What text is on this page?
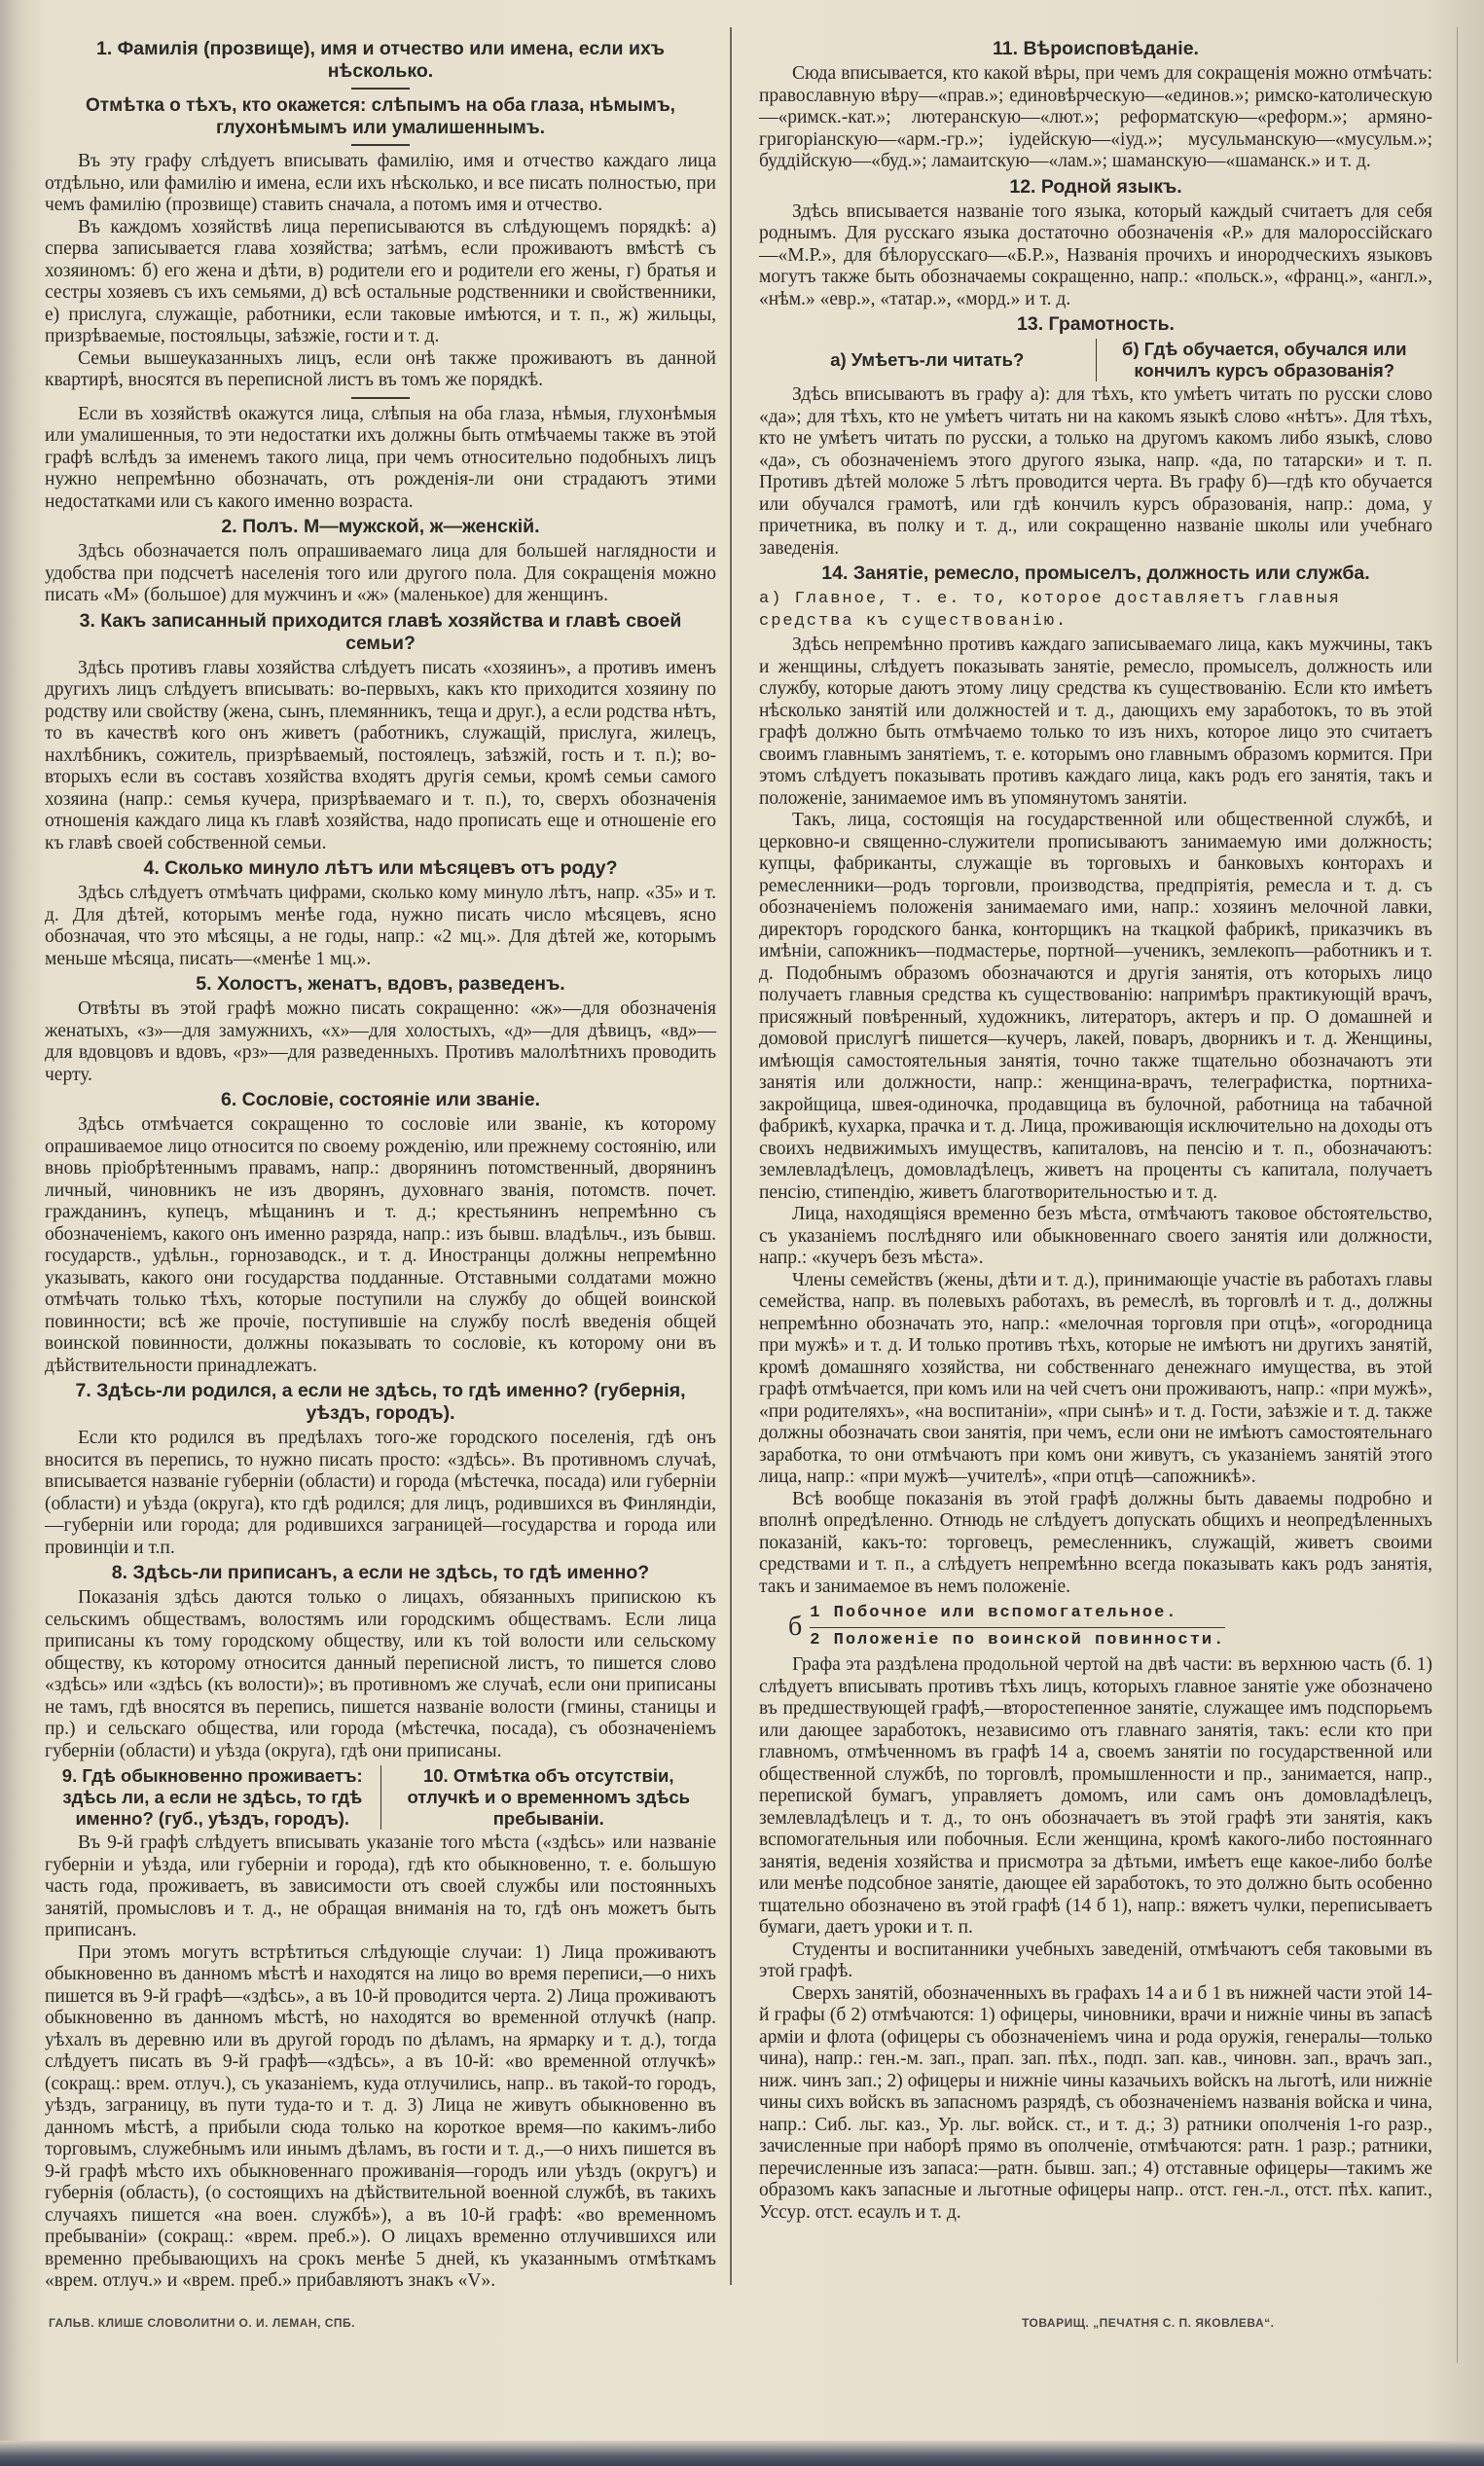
1. Фамилія (прозвище), имя и отчество или имена, если ихъ нѣсколько.
Отмѣтка о тѣхъ, кто окажется: слѣпымъ на оба глаза, нѣмымъ, глухонѣмымъ или умалишеннымъ.

Въ эту графу слѣдуетъ вписывать фамилію, имя и отчество каждаго лица отдѣльно, или фамилію и имена, если ихъ нѣсколько, и все писать полностью, при чемъ фамилію (прозвище) ставить сначала, а потомъ имя и отчество.

Въ каждомъ хозяйствѣ лица переписываются въ слѣдующемъ порядкѣ: а) сперва записывается глава хозяйства; затѣмъ, если проживаютъ вмѣстѣ съ хозяиномъ: б) его жена и дѣти, в) родители его и родители его жены, г) братья и сестры хозяевъ съ ихъ семьями, д) всѣ остальные родственники и свойственники, е) прислуга, служащіе, работники, если таковые имѣются, и т. п., ж) жильцы, призрѣваемые, постояльцы, заѣзжіе, гости и т. д.

Семьи вышеуказанныхъ лицъ, если онѣ также проживаютъ въ данной квартирѣ, вносятся въ переписной листъ въ томъ же порядкѣ.

Если въ хозяйствѣ окажутся лица, слѣпыя на оба глаза, нѣмыя, глухонѣмыя или умалишенныя, то эти недостатки ихъ должны быть отмѣчаемы также въ этой графѣ вслѣдъ за именемъ такого лица, при чемъ относительно подобныхъ лицъ нужно непремѣнно обозначать, отъ рожденія-ли они страдаютъ этими недостатками или съ какого именно возраста.

2. Полъ. М—мужской, ж—женскій.

Здѣсь обозначается полъ опрашиваемаго лица для большей наглядности и удобства при подсчетѣ населенія того или другого пола. Для сокращенія можно писать «М» (большое) для мужчинъ и «ж» (маленькое) для женщинъ.

3. Какъ записанный приходится главѣ хозяйства и главѣ своей семьи?

Здѣсь противъ главы хозяйства слѣдуетъ писать «хозяинъ», а противъ именъ другихъ лицъ слѣдуетъ вписывать: во-первыхъ, какъ кто приходится хозяину по родству или свойству (жена, сынъ, племянникъ, теща и друг.), а если родства нѣтъ, то въ качествѣ кого онъ живетъ (работникъ, служащій, прислуга, жилецъ, нахлѣбникъ, сожитель, призрѣваемый, постоялецъ, заѣзжій, гость и т. п.); во-вторыхъ если въ составъ хозяйства входятъ другія семьи, кромѣ семьи самого хозяина (напр.: семья кучера, призрѣваемаго и т. п.), то, сверхъ обозначенія отношенія каждаго лица къ главѣ хозяйства, надо прописать еще и отношеніе его къ главѣ своей собственной семьи.

4. Сколько минуло лѣтъ или мѣсяцевъ отъ роду?

Здѣсь слѣдуетъ отмѣчать цифрами, сколько кому минуло лѣтъ, напр. «35» и т. д. Для дѣтей, которымъ менѣе года, нужно писать число мѣсяцевъ, ясно обозначая, что это мѣсяцы, а не годы, напр.: «2 мц.». Для дѣтей же, которымъ меньше мѣсяца, писать—«менѣе 1 мц.».

5. Холостъ, женатъ, вдовъ, разведенъ.

Отвѣты въ этой графѣ можно писать сокращенно: «ж»—для обозначенія женатыхъ, «з»—для замужнихъ, «х»—для холостыхъ, «д»—для дѣвицъ, «вд»—для вдовцовъ и вдовъ, «рз»—для разведенныхъ. Противъ малолѣтнихъ проводить черту.

6. Сословіе, состояніе или званіе.

Здѣсь отмѣчается сокращенно то сословіе или званіе, къ которому опрашиваемое лицо относится по своему рожденію, или прежнему состоянію, или вновь пріобрѣтеннымъ правамъ, напр.: дворянинъ потомственный, дворянинъ личный, чиновникъ не изъ дворянъ, духовнаго званія, потомств. почет. гражданинъ, купецъ, мѣщанинъ и т. д.; крестьянинъ непремѣнно съ обозначеніемъ, какого онъ именно разряда, напр.: изъ бывш. владѣльч., изъ бывш. государств., удѣльн., горнозаводск., и т. д. Иностранцы должны непремѣнно указывать, какого они государства подданные. Отставными солдатами можно отмѣчать только тѣхъ, которые поступили на службу до общей воинской повинности; всѣ же прочіе, поступившіе на службу послѣ введенія общей воинской повинности, должны показывать то сословіе, къ которому они въ дѣйствительности принадлежатъ.

7. Здѣсь-ли родился, а если не здѣсь, то гдѣ именно? (губернія, уѣздъ, городъ).

Если кто родился въ предѣлахъ того-же городского поселенія, гдѣ онъ вносится въ перепись, то нужно писать просто: «здѣсь». Въ противномъ случаѣ, вписывается названіе губерніи (области) и города (мѣстечка, посада) или губерніи (области) и уѣзда (округа), кто гдѣ родился; для лицъ, родившихся въ Финляндіи,—губерніи или города; для родившихся заграницей—государства и города или провинціи и т.п.

8. Здѣсь-ли приписанъ, а если не здѣсь, то гдѣ именно?

Показанія здѣсь даются только о лицахъ, обязанныхъ припискою къ сельскимъ обществамъ, волостямъ или городскимъ обществамъ. Если лица приписаны къ тому городскому обществу, или къ той волости или сельскому обществу, къ которому относится данный переписной листъ, то пишется слово «здѣсь» или «здѣсь (къ волости)»; въ противномъ же случаѣ, если они приписаны не тамъ, гдѣ вносятся въ перепись, пишется названіе волости (гмины, станицы и пр.) и сельскаго общества, или города (мѣстечка, посада), съ обозначеніемъ губерніи (области) и уѣзда (округа), гдѣ они приписаны.

9. Гдѣ обыкновенно проживаетъ: здѣсь ли, а если не здѣсь, то гдѣ именно? (губ., уѣздъ, городъ).
10. Отмѣтка объ отсутствіи, отлучкѣ и о временномъ здѣсь пребываніи.

Въ 9-й графѣ слѣдуетъ вписывать указаніе того мѣста («здѣсь» или названіе губерніи и уѣзда, или губерніи и города), гдѣ кто обыкновенно, т. е. большую часть года, проживаетъ, въ зависимости отъ своей службы или постоянныхъ занятій, промысловъ и т. д., не обращая вниманія на то, гдѣ онъ можетъ быть приписанъ.

При этомъ могутъ встрѣтиться слѣдующіе случаи: 1) Лица проживаютъ обыкновенно въ данномъ мѣстѣ и находятся на лицо во время переписи,—о нихъ пишется въ 9-й графѣ—«здѣсь», а въ 10-й проводится черта. 2) Лица проживаютъ обыкновенно въ данномъ мѣстѣ, но находятся во временной отлучкѣ (напр. уѣхалъ въ деревню или въ другой городъ по дѣламъ, на ярмарку и т. д.), тогда слѣдуетъ писать въ 9-й графѣ—«здѣсь», а въ 10-й: «во временной отлучкѣ» (сокращ.: врем. отлуч.), съ указаніемъ, куда отлучились, напр.. въ такой-то городъ, уѣздъ, заграницу, въ пути туда-то и т. д. 3) Лица не живутъ обыкновенно въ данномъ мѣстѣ, а прибыли сюда только на короткое время—по какимъ-либо торговымъ, служебнымъ или инымъ дѣламъ, въ гости и т. д.,—о нихъ пишется въ 9-й графѣ мѣсто ихъ обыкновеннаго проживанія—городъ или уѣздъ (округъ) и губернія (область), (о состоящихъ на дѣйствительной военной службѣ, въ такихъ случаяхъ пишется «на воен. службѣ»), а въ 10-й графѣ: «во временномъ пребываніи» (сокращ.: «врем. преб.»). О лицахъ временно отлучившихся или временно пребывающихъ на срокъ менѣе 5 дней, къ указаннымъ отмѣткамъ «врем. отлуч.» и «врем. преб.» прибавляютъ знакъ «V».

11. Вѣроисповѣданіе.

Сюда вписывается, кто какой вѣры, при чемъ для сокращенія можно отмѣчать: православную вѣру—«прав.»; единовѣрческую—«единов.»; римско-католическую—«римск.-кат.»; лютеранскую—«лют.»; реформатскую—«реформ.»; армяно-григоріанскую—«арм.-гр.»; іудейскую—«іуд.»; мусульманскую—«мусульм.»; буддійскую—«буд.»; ламаитскую—«лам.»; шаманскую—«шаманск.» и т. д.

12. Родной языкъ.

Здѣсь вписывается названіе того языка, который каждый считаетъ для себя роднымъ. Для русскаго языка достаточно обозначенія «Р.» для малороссійскаго—«М.Р.», для бѣлорусскаго—«Б.Р.», Названія прочихъ и инородческихъ языковъ могутъ также быть обозначаемы сокращенно, напр.: «польск.», «франц.», «англ.», «нѣм.» «евр.», «татар.», «морд.» и т. д.

13. Грамотность.
а) Умѣетъ-ли читать?
б) Гдѣ обучается, обучался или кончилъ курсъ образованія?

Здѣсь вписываютъ въ графу а): для тѣхъ, кто умѣетъ читать по русски слово «да»; для тѣхъ, кто не умѣетъ читать ни на какомъ языкѣ слово «нѣтъ». Для тѣхъ, кто не умѣетъ читать по русски, а только на другомъ какомъ либо языкѣ, слово «да», съ обозначеніемъ этого другого языка, напр. «да, по татарски» и т. п. Противъ дѣтей моложе 5 лѣтъ проводится черта. Въ графу б)—гдѣ кто обучается или обучался грамотѣ, или гдѣ кончилъ курсъ образованія, напр.: дома, у причетника, въ полку и т. д., или сокращенно названіе школы или учебнаго заведенія.

14. Занятіе, ремесло, промыселъ, должность или служба.
а) Главное, т. е. то, которое доставляетъ главныя средства къ существованію.

Здѣсь непремѣнно противъ каждаго записываемаго лица, какъ мужчины, такъ и женщины, слѣдуетъ показывать занятіе, ремесло, промыселъ, должность или службу, которые даютъ этому лицу средства къ существованію. Если кто имѣетъ нѣсколько занятій или должностей и т. д., дающихъ ему заработокъ, то въ этой графѣ должно быть отмѣчаемо только то изъ нихъ, которое лицо это считаетъ своимъ главнымъ занятіемъ, т. е. которымъ оно главнымъ образомъ кормится. При этомъ слѣдуетъ показывать противъ каждаго лица, какъ родъ его занятія, такъ и положеніе, занимаемое имъ въ упомянутомъ занятіи.

Такъ, лица, состоящія на государственной или общественной службѣ, и церковно-и священно-служители прописываютъ занимаемую ими должность; купцы, фабриканты, служащіе въ торговыхъ и банковыхъ конторахъ и ремесленники—родъ торговли, производства, предпріятія, ремесла и т. д. съ обозначеніемъ положенія занимаемаго ими, напр.: хозяинъ мелочной лавки, директоръ городского банка, конторщикъ на ткацкой фабрикѣ, приказчикъ въ имѣніи, сапожникъ—подмастерье, портной—ученикъ, землекопъ—работникъ и т. д. Подобнымъ образомъ обозначаются и другія занятія, отъ которыхъ лицо получаетъ главныя средства къ существованію: напримѣръ практикующій врачъ, присяжный повѣренный, художникъ, литераторъ, актеръ и пр. О домашней и домовой прислугѣ пишется—кучеръ, лакей, поваръ, дворникъ и т. д. Женщины, имѣющія самостоятельныя занятія, точно также тщательно обозначаютъ эти занятія или должности, напр.: женщина-врачъ, телеграфистка, портниха-закройщица, швея-одиночка, продавщица въ булочной, работница на табачной фабрикѣ, кухарка, прачка и т. д. Лица, проживающія исключительно на доходы отъ своихъ недвижимыхъ имуществъ, капиталовъ, на пенсію и т. п., обозначаютъ: землевладѣлецъ, домовладѣлецъ, живетъ на проценты съ капитала, получаетъ пенсію, стипендію, живетъ благотворительностью и т. д.

Лица, находящіяся временно безъ мѣста, отмѣчаютъ таковое обстоятельство, съ указаніемъ послѣдняго или обыкновеннаго своего занятія или должности, напр.: «кучеръ безъ мѣста».

Члены семействъ (жены, дѣти и т. д.), принимающіе участіе въ работахъ главы семейства, напр. въ полевыхъ работахъ, въ ремеслѣ, въ торговлѣ и т. д., должны непремѣнно обозначать это, напр.: «мелочная торговля при отцѣ», «огородница при мужѣ» и т. д. И только противъ тѣхъ, которые не имѣютъ ни другихъ занятій, кромѣ домашняго хозяйства, ни собственнаго денежнаго имущества, въ этой графѣ отмѣчается, при комъ или на чей счетъ они проживаютъ, напр.: «при мужѣ», «при родителяхъ», «на воспитаніи», «при сынѣ» и т. д. Гости, заѣзжіе и т. д. также должны обозначать свои занятія, при чемъ, если они не имѣютъ самостоятельнаго заработка, то они отмѣчаютъ при комъ они живутъ, съ указаніемъ занятій этого лица, напр.: «при мужѣ—учителѣ», «при отцѣ—сапожникѣ».

Всѣ вообще показанія въ этой графѣ должны быть даваемы подробно и вполнѣ опредѣленно. Отнюдь не слѣдуетъ допускать общихъ и неопредѣленныхъ показаній, какъ-то: торговецъ, ремесленникъ, служащій, живетъ своими средствами и т. п., а слѣдуетъ непремѣнно всегда показывать какъ родъ занятія, такъ и занимаемое въ немъ положеніе.

б 1 Побочное или вспомогательное.
2 Положеніе по воинской повинности.

Графа эта раздѣлена продольной чертой на двѣ части: въ верхнюю часть (б. 1) слѣдуетъ вписывать противъ тѣхъ лицъ, которыхъ главное занятіе уже обозначено въ предшествующей графѣ,—второстепенное занятіе, служащее имъ подспорьемъ или дающее заработокъ, независимо отъ главнаго занятія, такъ: если кто при главномъ, отмѣченномъ въ графѣ 14 а, своемъ занятіи по государственной или общественной службѣ, по торговлѣ, промышленности и пр., занимается, напр., перепиской бумагъ, управляетъ домомъ, или самъ онъ домовладѣлецъ, землевладѣлецъ и т. д., то онъ обозначаетъ въ этой графѣ эти занятія, какъ вспомогательныя или побочныя. Если женщина, кромѣ какого-либо постояннаго занятія, веденія хозяйства и присмотра за дѣтьми, имѣетъ еще какое-либо болѣе или менѣе подсобное занятіе, дающее ей заработокъ, то это должно быть особенно тщательно обозначено въ этой графѣ (14 б 1), напр.: вяжетъ чулки, переписываетъ бумаги, даетъ уроки и т. п.

Студенты и воспитанники учебныхъ заведеній, отмѣчаютъ себя таковыми въ этой графѣ.

Сверхъ занятій, обозначенныхъ въ графахъ 14 а и б 1 въ нижней части этой 14-й графы (б 2) отмѣчаются: 1) офицеры, чиновники, врачи и нижніе чины въ запасѣ арміи и флота (офицеры съ обозначеніемъ чина и рода оружія, генералы—только чина), напр.: ген.-м. зап., прап. зап. пѣх., подп. зап. кав., чиновн. зап., врачъ зап., ниж. чинъ зап.; 2) офицеры и нижніе чины казачьихъ войскъ на льготѣ, или нижніе чины сихъ войскъ въ запасномъ разрядѣ, съ обозначеніемъ названія войска и чина, напр.: Сиб. льг. каз., Ур. льг. войск. ст., и т. д.; 3) ратники ополченія 1-го разр., зачисленные при наборѣ прямо въ ополченіе, отмѣчаются: ратн. 1 разр.; ратники, перечисленные изъ запаса:—ратн. бывш. зап.; 4) отставные офицеры—такимъ же образомъ какъ запасные и льготные офицеры напр.. отст. ген.-л., отст. пѣх. капит., Уссур. отст. есаулъ и т. д.

ГАЛЬВ. КЛИШЕ СЛОВОЛИТНИ О. И. ЛЕМАН, СПБ.	ТОВАРИЩ. „ПЕЧАТНЯ С. П. ЯКОВЛЕВА“.
